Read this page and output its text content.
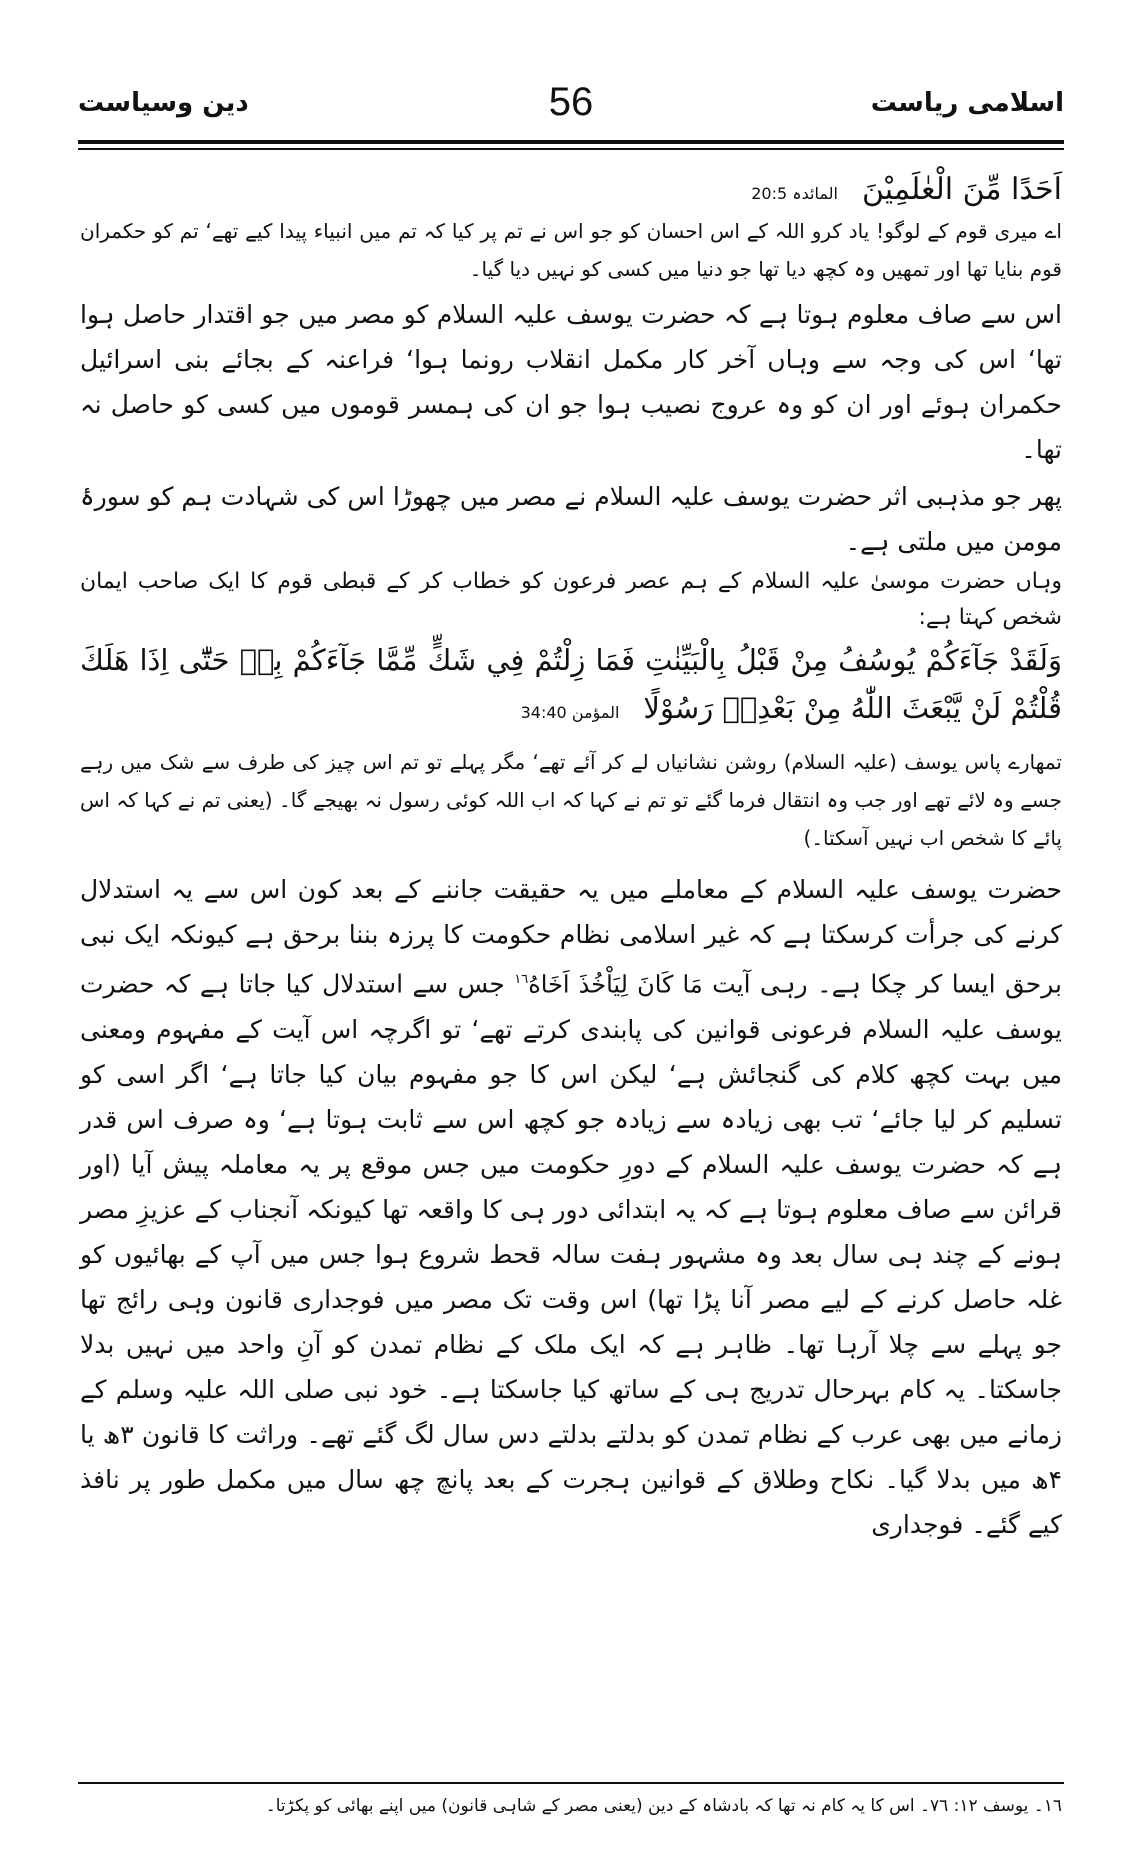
اسلامی ریاست
56
دین وسیاست
اَحَدًا مِّنَ الْعٰلَمِیْنَ
المائدہ 20:5

اے میری قوم کے لوگو! یاد کرو اللہ کے اس احسان کو جو اس نے تم پر کیا کہ تم میں انبیاء پیدا کیے تھے‘ تم کو حکمران قوم بنایا تھا اور تمھیں وہ کچھ دیا تھا جو دنیا میں کسی کو نہیں دیا گیا۔

اس سے صاف معلوم ہوتا ہے کہ حضرت یوسف علیہ السلام کو مصر میں جو اقتدار حاصل ہوا تھا‘ اس کی وجہ سے وہاں آخر کار مکمل انقلاب رونما ہوا‘ فراعنہ کے بجائے بنی اسرائیل حکمران ہوئے اور ان کو وہ عروج نصیب ہوا جو ان کی ہمسر قوموں میں کسی کو حاصل نہ تھا۔

پھر جو مذہبی اثر حضرت یوسف علیہ السلام نے مصر میں چھوڑا اس کی شہادت ہم کو سورۂ مومن میں ملتی ہے۔

وہاں حضرت موسیٰ علیہ السلام کے ہم عصر فرعون کو خطاب کر کے قبطی قوم کا ایک صاحب ایمان شخص کہتا ہے:

وَلَقَدْ جَآءَكُمْ يُوسُفُ مِنْ قَبْلُ بِالْبَيِّنٰتِ فَمَا زِلْتُمْ فِي شَكٍّ مِّمَّا جَآءَكُمْ بِهٖ حَتّٰٓى اِذَا هَلَكَ
قُلْتُمْ لَنْ يَّبْعَثَ اللّٰهُ مِنْ بَعْدِهٖ رَسُوْلًا
المؤمن 34:40

تمھارے پاس یوسف (علیہ السلام) روشن نشانیاں لے کر آئے تھے‘ مگر پہلے تو تم اس چیز کی طرف سے شک میں رہے جسے وہ لائے تھے اور جب وہ انتقال فرما گئے تو تم نے کہا کہ اب اللہ کوئی رسول نہ بھیجے گا۔ (یعنی تم نے کہا کہ اس پائے کا شخص اب نہیں آسکتا۔)

حضرت یوسف علیہ السلام کے معاملے میں یہ حقیقت جاننے کے بعد کون اس سے یہ استدلال کرنے کی جرأت کرسکتا ہے کہ غیر اسلامی نظام حکومت کا پرزہ بننا برحق ہے کیونکہ ایک نبی برحق ایسا کر چکا ہے۔ رہی آیت مَا كَانَ لِيَاْخُذَ اَخَاهُ$^{١٦}$ جس سے استدلال کیا جاتا ہے کہ حضرت یوسف علیہ السلام فرعونی قوانین کی پابندی کرتے تھے‘ تو اگرچہ اس آیت کے مفہوم ومعنی میں بہت کچھ کلام کی گنجائش ہے‘ لیکن اس کا جو مفہوم بیان کیا جاتا ہے‘ اگر اسی کو تسلیم کر لیا جائے‘ تب بھی زیادہ سے زیادہ جو کچھ اس سے ثابت ہوتا ہے‘ وہ صرف اس قدر ہے کہ حضرت یوسف علیہ السلام کے دورِ حکومت میں جس موقع پر یہ معاملہ پیش آیا (اور قرائن سے صاف معلوم ہوتا ہے کہ یہ ابتدائی دور ہی کا واقعہ تھا کیونکہ آنجناب کے عزیزِ مصر ہونے کے چند ہی سال بعد وہ مشہور ہفت سالہ قحط شروع ہوا جس میں آپ کے بھائیوں کو غلہ حاصل کرنے کے لیے مصر آنا پڑا تھا) اس وقت تک مصر میں فوجداری قانون وہی رائج تھا جو پہلے سے چلا آرہا تھا۔ ظاہر ہے کہ ایک ملک کے نظام تمدن کو آنِ واحد میں نہیں بدلا جاسکتا۔ یہ کام بہرحال تدریج ہی کے ساتھ کیا جاسکتا ہے۔ خود نبی صلی اللہ علیہ وسلم کے زمانے میں بھی عرب کے نظام تمدن کو بدلتے بدلتے دس سال لگ گئے تھے۔ وراثت کا قانون ۳ھ یا ۴ھ میں بدلا گیا۔ نکاح وطلاق کے قوانین ہجرت کے بعد پانچ چھ سال میں مکمل طور پر نافذ کیے گئے۔ فوجداری

١٦۔ یوسف ١٢: ٧٦۔ اس کا یہ کام نہ تھا کہ بادشاہ کے دین (یعنی مصر کے شاہی قانون) میں اپنے بھائی کو پکڑتا۔
